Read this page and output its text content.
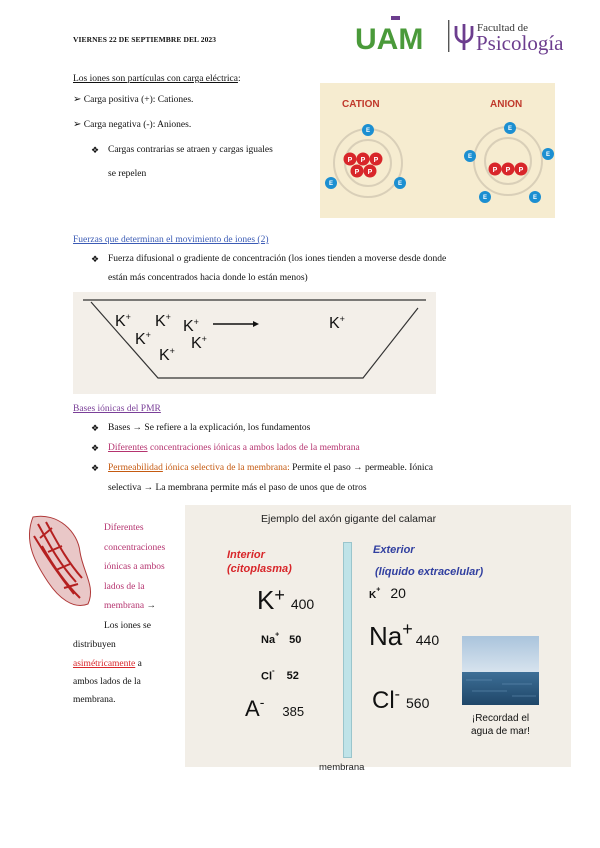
VIERNES 22 DE SEPTIEMBRE DEL 2023	UAM	Facultad de
Psicología
Los iones son partículas con carga eléctrica:
➢ Carga positiva (+): Cationes.
➢ Carga negativa (-): Aniones.
❖ Cargas contrarias se atraen y cargas iguales
se repelen
CATION	ANION
P P P
P P
E
E
E
P P P
E
E
E
E	E
Fuerzas que determinan el movimiento de iones (2)
❖ Fuerza difusional o gradiente de concentración (los iones tienden a moverse desde donde
están más concentrados hacia donde lo están menos)
K+ K+
K+
K+	K+
K+
K+
Bases iónicas del PMR
❖ Bases → Se refiere a la explicación, los fundamentos
❖ Diferentes concentraciones iónicas a ambos lados de la membrana
❖ Permeabilidad iónica selectiva de la membrana: Permite el paso → permeable. Iónica
selectiva → La membrana permite más el paso de unos que de otros
Diferentes
concentraciones
iónicas a ambos
lados de la
membrana →
Los iones se
distribuyen
asimétricamente a
ambos lados de la
membrana.
Ejemplo del axón gigante del calamar
Interior
(citoplasma)
Exterior
(líquido extracelular)
K+ 400
Na+ 50
Cl- 52
A-385
K+ 20
Na+440
Cl- 560
¡Recordad el
agua de mar!
membrana
